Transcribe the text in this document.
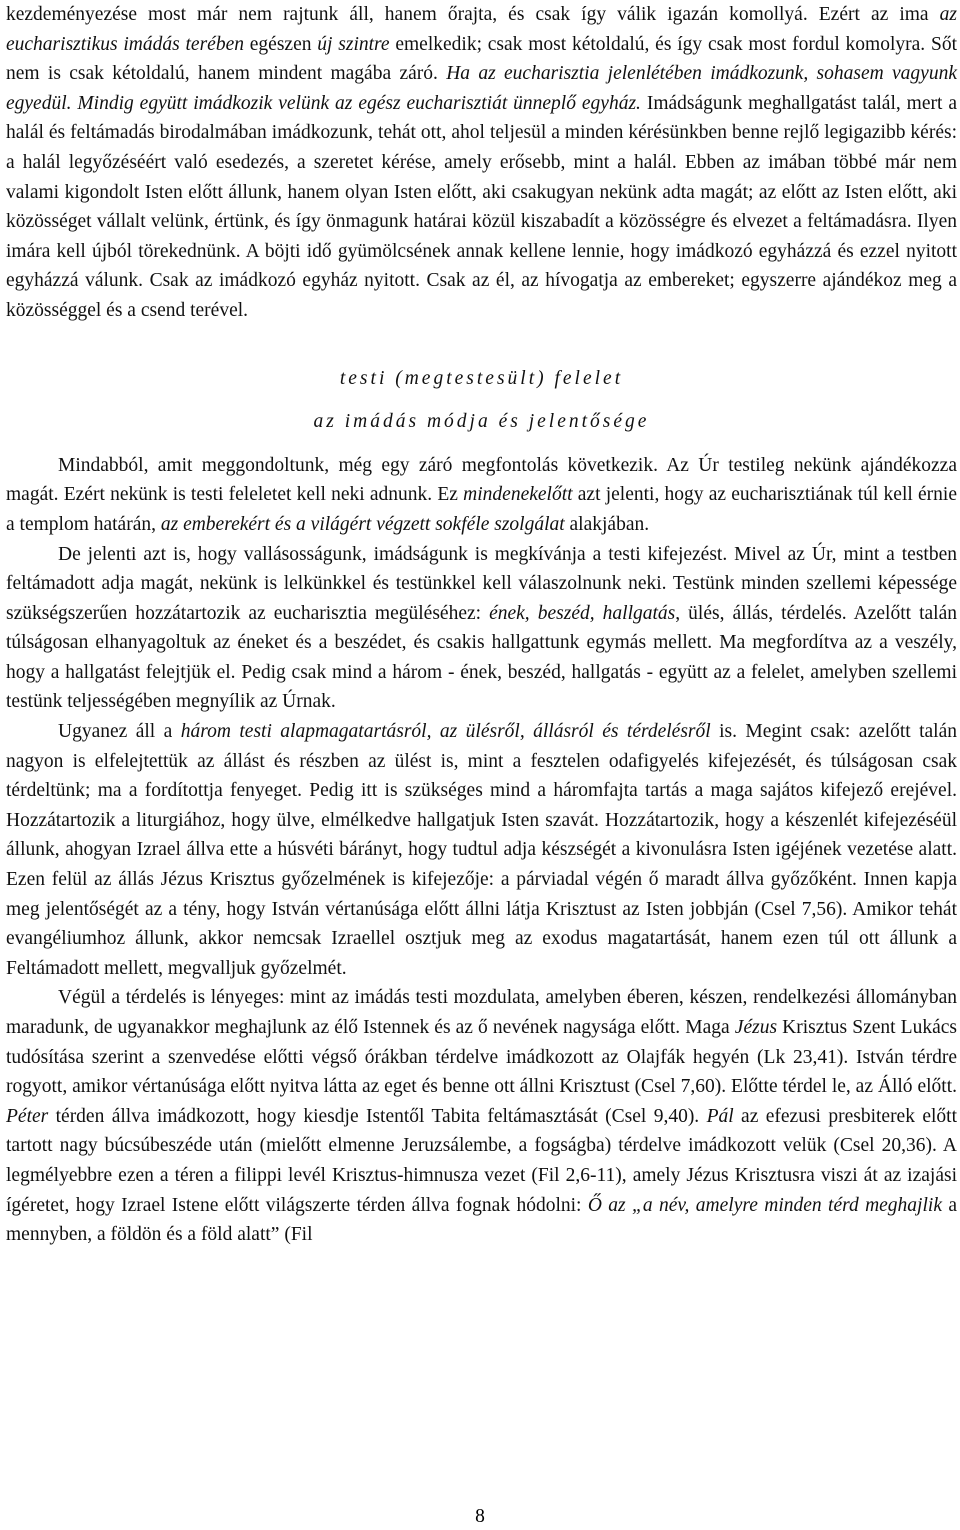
kezdeményezése most már nem rajtunk áll, hanem őrajta, és csak így válik igazán komollyá. Ezért az ima az eucharisztikus imádás terében egészen új szintre emelkedik; csak most kétoldalú, és így csak most fordul komolyra. Sőt nem is csak kétoldalú, hanem mindent magába záró. Ha az eucharisztia jelenlétében imádkozunk, sohasem vagyunk egyedül. Mindig együtt imádkozik velünk az egész eucharisztiát ünneplő egyház. Imádságunk meghallgatást talál, mert a halál és feltámadás birodalmában imádkozunk, tehát ott, ahol teljesül a minden kérésünkben benne rejlő legigazibb kérés: a halál legyőzéséért való esedezés, a szeretet kérése, amely erősebb, mint a halál. Ebben az imában többé már nem valami kigondolt Isten előtt állunk, hanem olyan Isten előtt, aki csakugyan nekünk adta magát; az előtt az Isten előtt, aki közösséget vállalt velünk, értünk, és így önmagunk határai közül kiszabadít a közösségre és elvezet a feltámadásra. Ilyen imára kell újból törekednünk. A böjti idő gyümölcsének annak kellene lennie, hogy imádkozó egyházzá és ezzel nyitott egyházzá válunk. Csak az imádkozó egyház nyitott. Csak az él, az hívogatja az embereket; egyszerre ajándékoz meg a közösséggel és a csend terével.

testi (megtestesült) felelet

az imádás módja és jelentősége

Mindabból, amit meggondoltunk, még egy záró megfontolás következik. Az Úr testileg nekünk ajándékozza magát. Ezért nekünk is testi feleletet kell neki adnunk. Ez mindenekelőtt azt jelenti, hogy az eucharisztiának túl kell érnie a templom határán, az emberekért és a világért végzett sokféle szolgálat alakjában.

De jelenti azt is, hogy vallásosságunk, imádságunk is megkívánja a testi kifejezést. Mivel az Úr, mint a testben feltámadott adja magát, nekünk is lelkünkkel és testünkkel kell válaszolnunk neki. Testünk minden szellemi képessége szükségszerűen hozzátartozik az eucharisztia megüléséhez: ének, beszéd, hallgatás, ülés, állás, térdelés. Azelőtt talán túlságosan elhanyagoltuk az éneket és a beszédet, és csakis hallgattunk egymás mellett. Ma megfordítva az a veszély, hogy a hallgatást felejtjük el. Pedig csak mind a három - ének, beszéd, hallgatás - együtt az a felelet, amelyben szellemi testünk teljességében megnyílik az Úrnak.

Ugyanez áll a három testi alapmagatartásról, az ülésről, állásról és térdelésről is. Megint csak: azelőtt talán nagyon is elfelejtettük az állást és részben az ülést is, mint a fesztelen odafigyelés kifejezését, és túlságosan csak térdeltünk; ma a fordítottja fenyeget. Pedig itt is szükséges mind a háromfajta tartás a maga sajátos kifejező erejével. Hozzátartozik a liturgiához, hogy ülve, elmélkedve hallgatjuk Isten szavát. Hozzátartozik, hogy a készenlét kifejezéséül állunk, ahogyan Izrael állva ette a húsvéti bárányt, hogy tudtul adja készségét a kivonulásra Isten igéjének vezetése alatt. Ezen felül az állás Jézus Krisztus győzelmének is kifejezője: a párviadal végén ő maradt állva győzőként. Innen kapja meg jelentőségét az a tény, hogy István vértanúsága előtt állni látja Krisztust az Isten jobbján (Csel 7,56). Amikor tehát evangéliumhoz állunk, akkor nemcsak Izraellel osztjuk meg az exodus magatartását, hanem ezen túl ott állunk a Feltámadott mellett, megvalljuk győzelmét.

Végül a térdelés is lényeges: mint az imádás testi mozdulata, amelyben éberen, készen, rendelkezési állományban maradunk, de ugyanakkor meghajlunk az élő Istennek és az ő nevének nagysága előtt. Maga Jézus Krisztus Szent Lukács tudósítása szerint a szenvedése előtti végső órákban térdelve imádkozott az Olajfák hegyén (Lk 23,41). István térdre rogyott, amikor vértanúsága előtt nyitva látta az eget és benne ott állni Krisztust (Csel 7,60). Előtte térdel le, az Álló előtt. Péter térden állva imádkozott, hogy kiesdje Istentől Tabita feltámasztását (Csel 9,40). Pál az efezusi presbiterek előtt tartott nagy búcsúbeszéde után (mielőtt elmenne Jeruzsálembe, a fogságba) térdelve imádkozott velük (Csel 20,36). A legmélyebbre ezen a téren a filippi levél Krisztus-himnusza vezet (Fil 2,6-11), amely Jézus Krisztusra viszi át az izajási ígéretet, hogy Izrael Istene előtt világszerte térden állva fognak hódolni: Ő az „a név, amelyre minden térd meghajlik a mennyben, a földön és a föld alatt” (Fil

8
